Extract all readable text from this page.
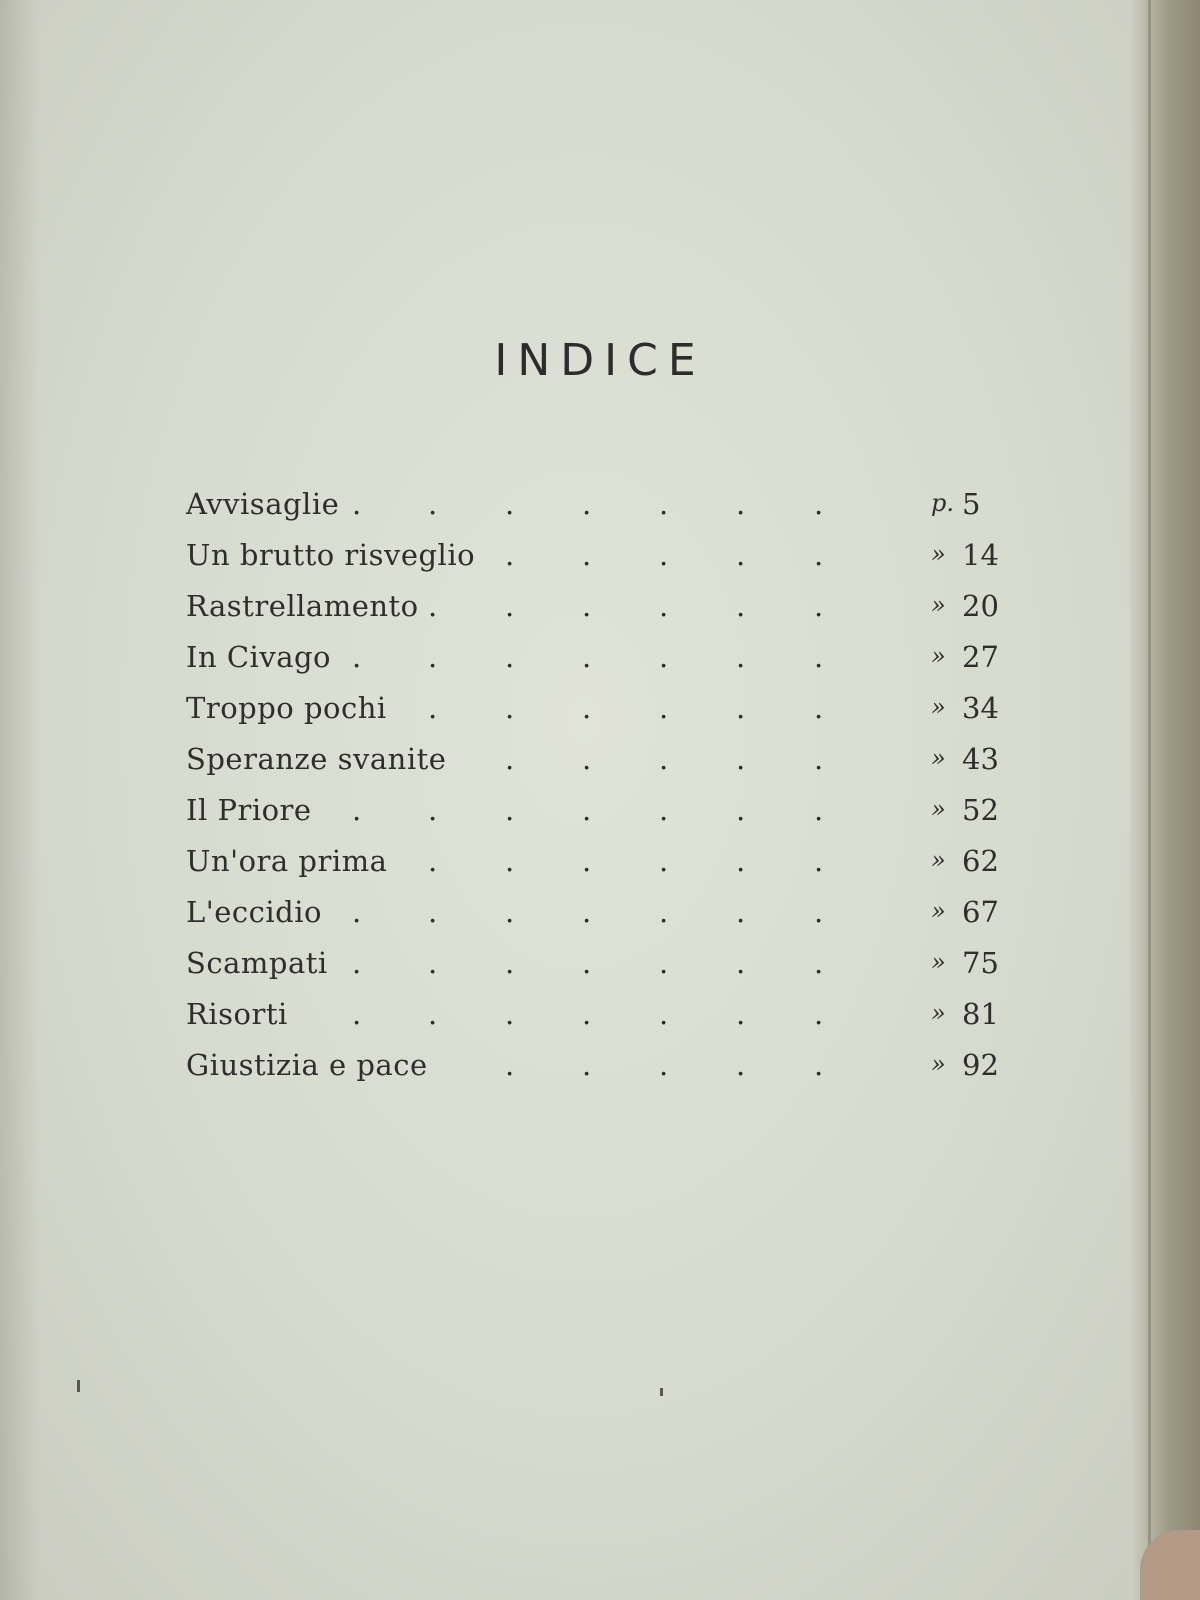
INDICE
Avvisaglie . . . . . . .	p. 5
Un brutto risveglio . . . . .	» 14
Rastrellamento . . . . . .	» 20
In Civago . . . . . . .	» 27
Troppo pochi . . . . . .	» 34
Speranze svanite . . . . .	» 43
Il Priore . . . . . . .	» 52
Un'ora prima . . . . . .	» 62
L'eccidio . . . . . . .	» 67
Scampati . . . . . . .	» 75
Risorti . . . . . . .	» 81
Giustizia e pace	. . . . .	» 92
